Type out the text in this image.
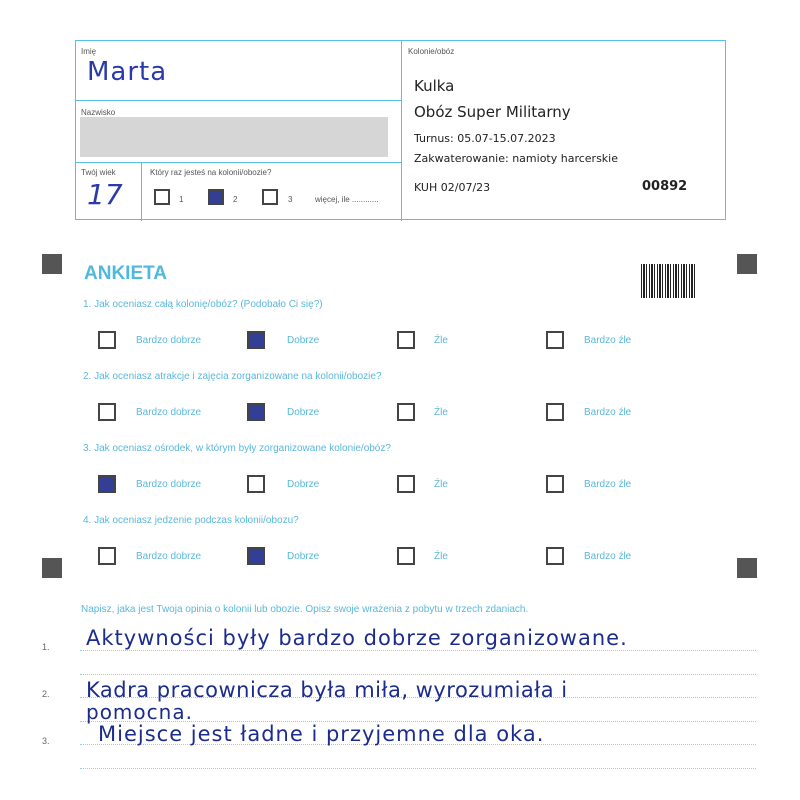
Imię
Marta
Nazwisko
Twój wiek
17
Który raz jesteś na kolonii/obozie?
1	2	3	więcej, ile ............
Kolonie/obóz
Kulka
Obóz Super Militarny
Turnus: 05.07-15.07.2023
Zakwaterowanie: namioty harcerskie
KUH 02/07/23	00892
ANKIETA
1. Jak oceniasz całą kolonię/obóz? (Podobało Ci się?)
Bardzo dobrze	Dobrze	Źle	Bardzo źle
2. Jak oceniasz atrakcje i zajęcia zorganizowane na kolonii/obozie?
Bardzo dobrze	Dobrze	Źle	Bardzo źle
3. Jak oceniasz ośrodek, w którym były zorganizowane kolonie/obóz?
Bardzo dobrze	Dobrze	Źle	Bardzo źle
4. Jak oceniasz jedzenie podczas kolonii/obozu?
Bardzo dobrze	Dobrze	Źle	Bardzo źle
Napisz, jaka jest Twoja opinia o kolonii lub obozie. Opisz swoje wrażenia z pobytu w trzech zdaniach.
1.
2.
3.
Aktywności były bardzo dobrze zorganizowane.
Kadra pracownicza była miła, wyrozumiała i
pomocna.
Miejsce jest ładne i przyjemne dla oka.
